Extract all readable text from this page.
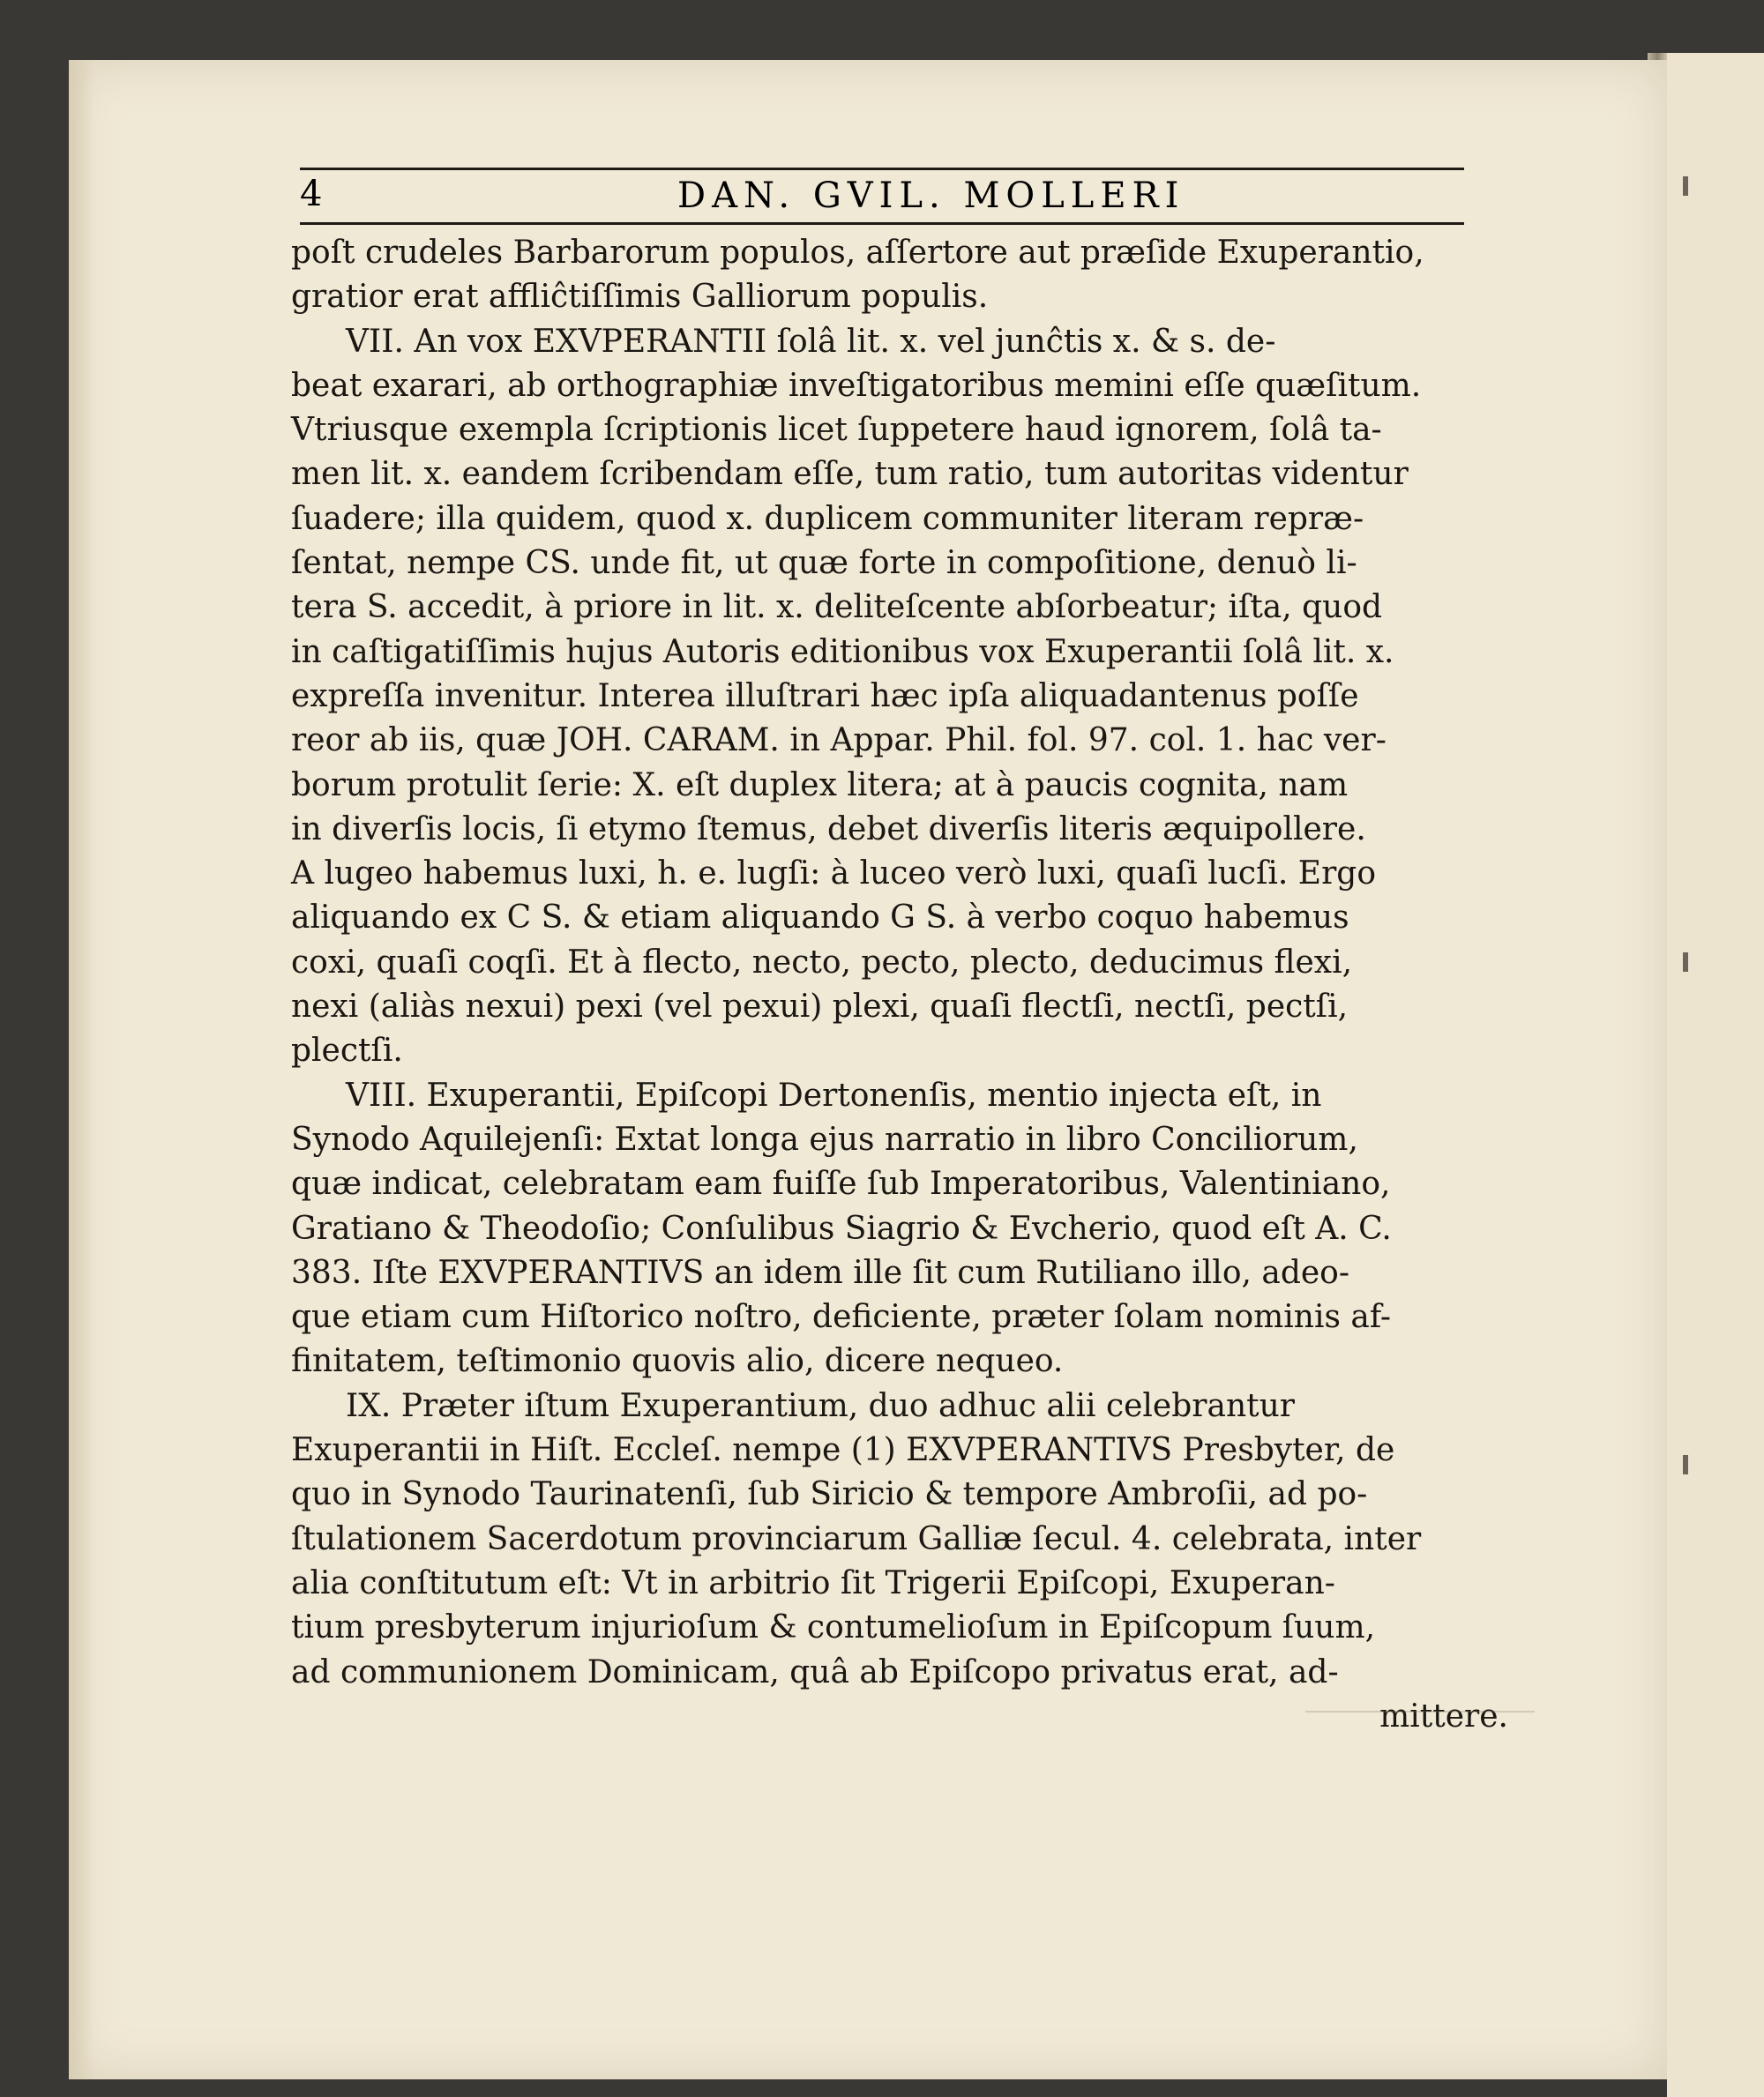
4	DAN. GVIL. MOLLERI
poſt crudeles Barbarorum populos, aſſertore aut præſide Exuperantio,
gratior erat affliĉtiſſimis Galliorum populis.
VII. An vox EXVPERANTII ſolâ lit. x. vel junĉtis x. & s. de-
beat exarari, ab orthographiæ inveſtigatoribus memini eſſe quæſitum.
Vtriusque exempla ſcriptionis licet ſuppetere haud ignorem, ſolâ ta-
men lit. x. eandem ſcribendam eſſe, tum ratio, tum autoritas videntur
ſuadere; illa quidem, quod x. duplicem communiter literam repræ-
ſentat, nempe CS. unde fit, ut quæ forte in compoſitione, denuò li-
tera S. accedit, à priore in lit. x. deliteſcente abſorbeatur; iſta, quod
in caſtigatiſſimis hujus Autoris editionibus vox Exuperantii ſolâ lit. x.
expreſſa invenitur. Interea illuſtrari hæc ipſa aliquadantenus poſſe
reor ab iis, quæ JOH. CARAM. in Appar. Phil. fol. 97. col. 1. hac ver-
borum protulit ſerie: X. eſt duplex litera; at à paucis cognita, nam
in diverſis locis, ſi etymo ſtemus, debet diverſis literis æquipollere.
A lugeo habemus luxi, h. e. lugſi: à luceo verò luxi, quaſi lucſi. Ergo
aliquando ex C S. & etiam aliquando G S. à verbo coquo habemus
coxi, quaſi coqſi. Et à flecto, necto, pecto, plecto, deducimus flexi,
nexi (aliàs nexui) pexi (vel pexui) plexi, quaſi flectſi, nectſi, pectſi,
plectſi.
VIII. Exuperantii, Epiſcopi Dertonenſis, mentio injecta eſt, in
Synodo Aquilejenſi: Extat longa ejus narratio in libro Conciliorum,
quæ indicat, celebratam eam fuiſſe ſub Imperatoribus, Valentiniano,
Gratiano & Theodoſio; Conſulibus Siagrio & Evcherio, quod eſt A. C.
383. Iſte EXVPERANTIVS an idem ille ſit cum Rutiliano illo, adeo-
que etiam cum Hiſtorico noſtro, deficiente, præter ſolam nominis af-
finitatem, teſtimonio quovis alio, dicere nequeo.
IX. Præter iſtum Exuperantium, duo adhuc alii celebrantur
Exuperantii in Hiſt. Eccleſ. nempe (1) EXVPERANTIVS Presbyter, de
quo in Synodo Taurinatenſi, ſub Siricio & tempore Ambroſii, ad po-
ſtulationem Sacerdotum provinciarum Galliæ ſecul. 4. celebrata, inter
alia conſtitutum eſt: Vt in arbitrio ſit Trigerii Epiſcopi, Exuperan-
tium presbyterum injurioſum & contumelioſum in Epiſcopum ſuum,
ad communionem Dominicam, quâ ab Epiſcopo privatus erat, ad-
mittere.
